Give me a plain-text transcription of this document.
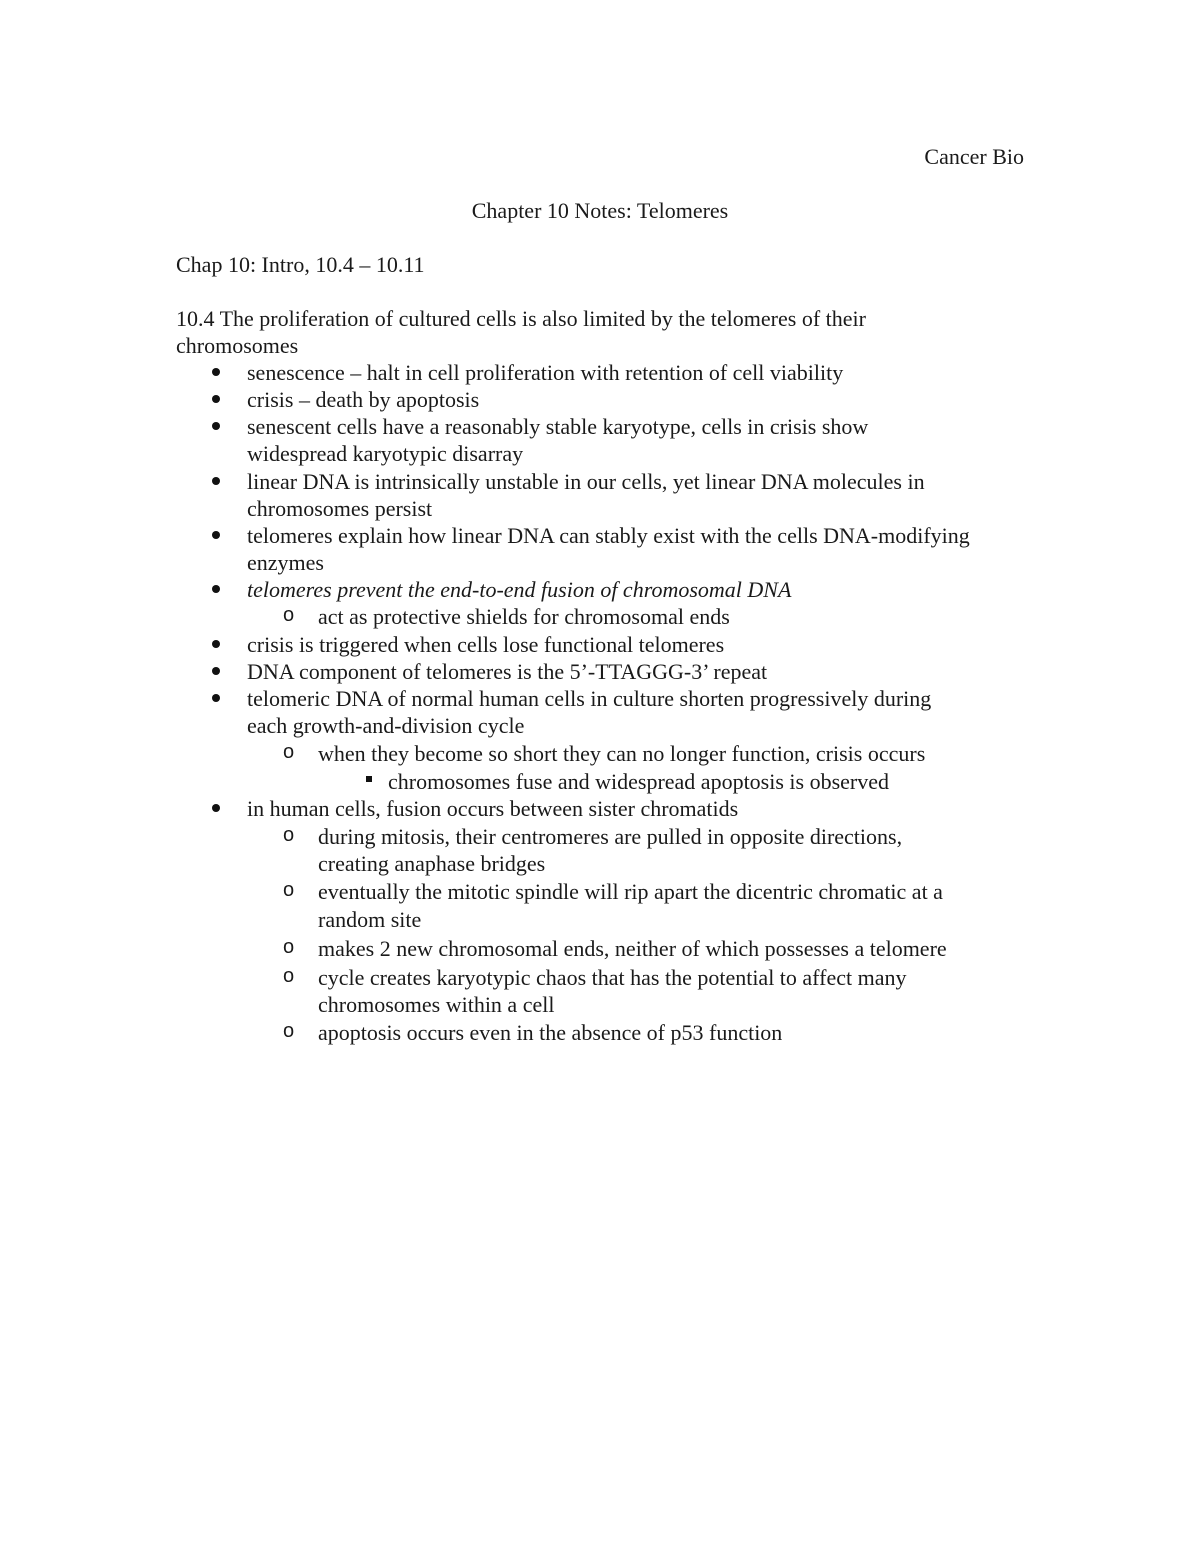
Cancer Bio
Chapter 10 Notes: Telomeres
Chap 10: Intro, 10.4 – 10.11
10.4 The proliferation of cultured cells is also limited by the telomeres of their
chromosomes
senescence – halt in cell proliferation with retention of cell viability
crisis – death by apoptosis
senescent cells have a reasonably stable karyotype, cells in crisis show
widespread karyotypic disarray
linear DNA is intrinsically unstable in our cells, yet linear DNA molecules in
chromosomes persist
telomeres explain how linear DNA can stably exist with the cells DNA-modifying
enzymes
telomeres prevent the end-to-end fusion of chromosomal DNA
o act as protective shields for chromosomal ends
crisis is triggered when cells lose functional telomeres
DNA component of telomeres is the 5’-TTAGGG-3’ repeat
telomeric DNA of normal human cells in culture shorten progressively during
each growth-and-division cycle
o when they become so short they can no longer function, crisis occurs
chromosomes fuse and widespread apoptosis is observed
in human cells, fusion occurs between sister chromatids
o during mitosis, their centromeres are pulled in opposite directions,
creating anaphase bridges
o eventually the mitotic spindle will rip apart the dicentric chromatic at a
random site
o makes 2 new chromosomal ends, neither of which possesses a telomere
o cycle creates karyotypic chaos that has the potential to affect many
chromosomes within a cell
o apoptosis occurs even in the absence of p53 function
